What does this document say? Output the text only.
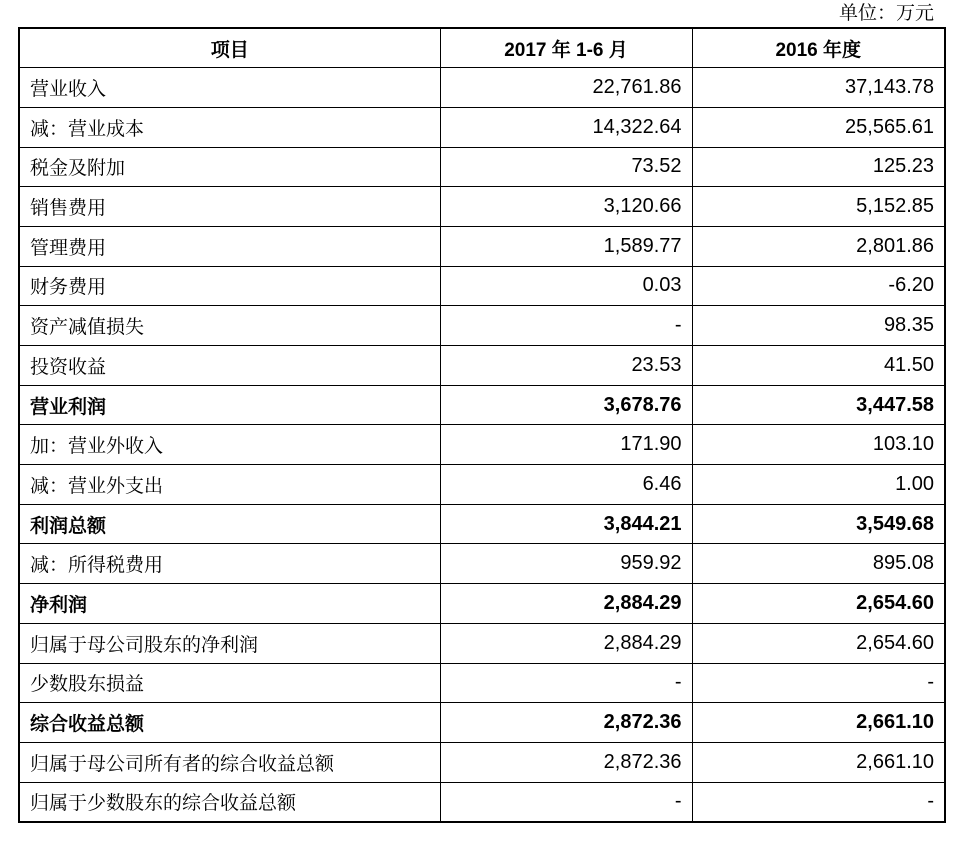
单位：万元
项目	2017 年 1-6 月	2016 年度
营业收入	22,761.86	37,143.78
减：营业成本	14,322.64	25,565.61
税金及附加	73.52	125.23
销售费用	3,120.66	5,152.85
管理费用	1,589.77	2,801.86
财务费用	0.03	-6.20
资产减值损失	-	98.35
投资收益	23.53	41.50
营业利润	3,678.76	3,447.58
加：营业外收入	171.90	103.10
减：营业外支出	6.46	1.00
利润总额	3,844.21	3,549.68
减：所得税费用	959.92	895.08
净利润	2,884.29	2,654.60
归属于母公司股东的净利润	2,884.29	2,654.60
少数股东损益	-	-
综合收益总额	2,872.36	2,661.10
归属于母公司所有者的综合收益总额	2,872.36	2,661.10
归属于少数股东的综合收益总额	-	-
